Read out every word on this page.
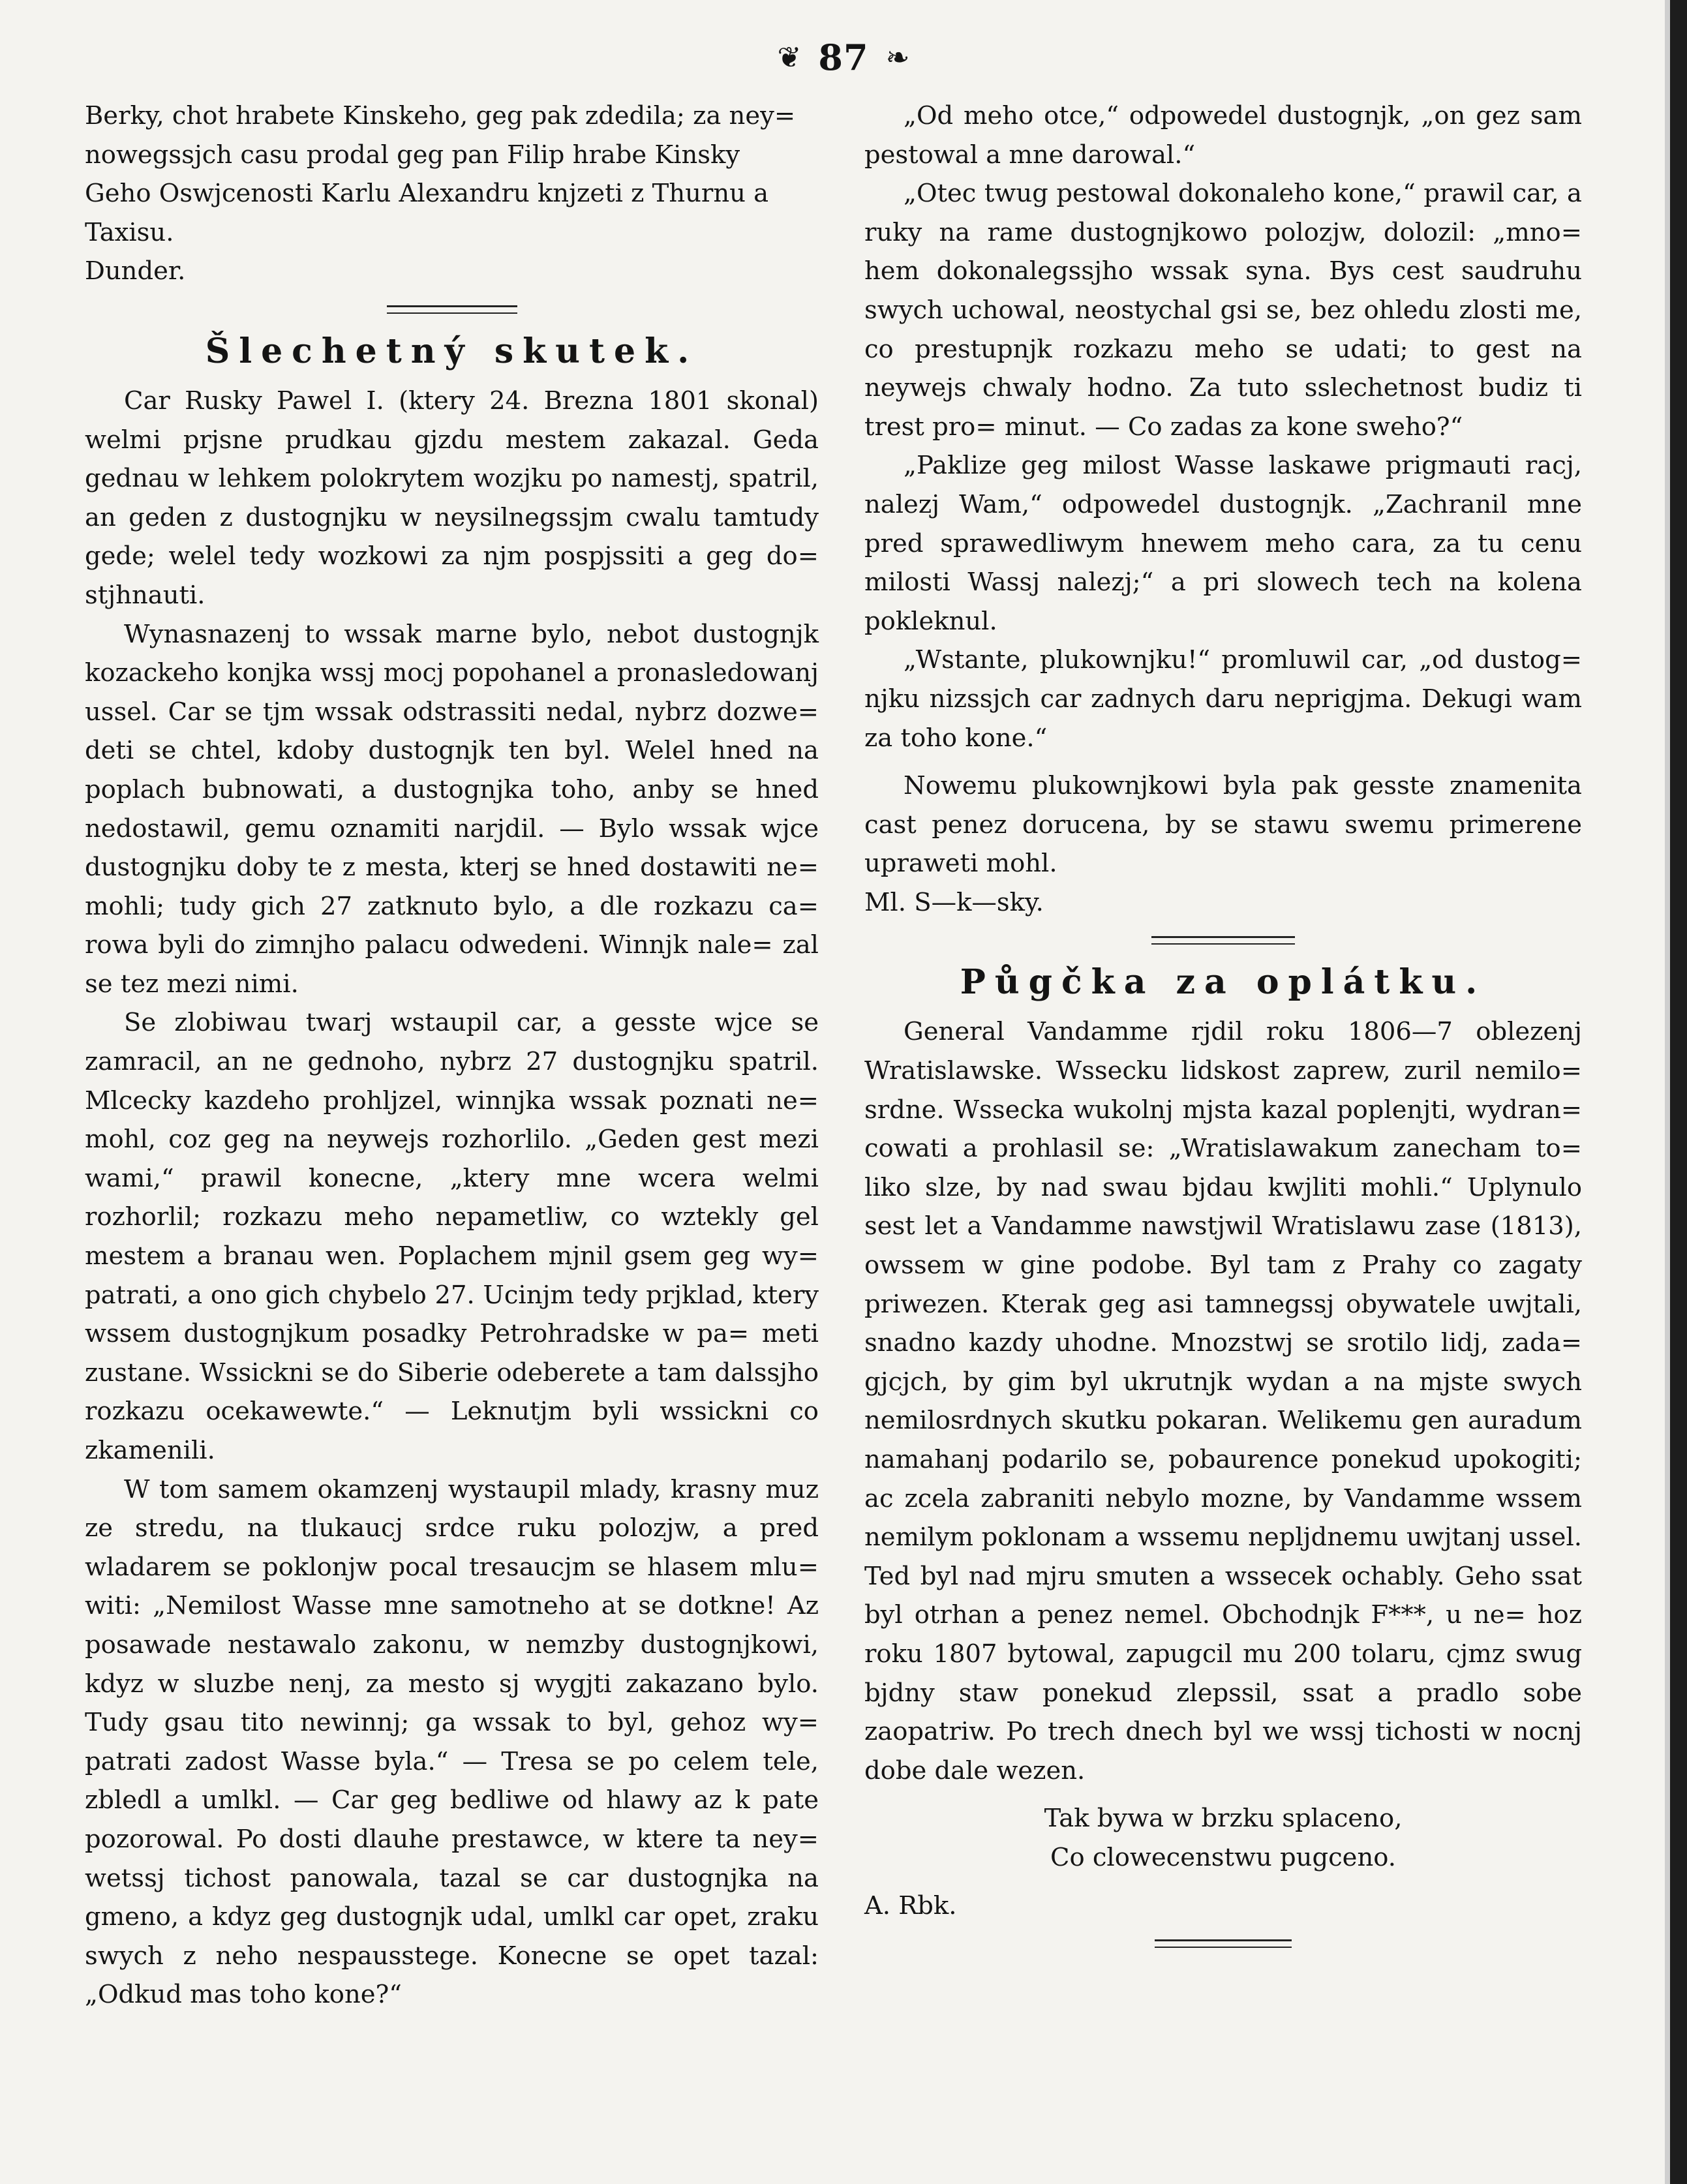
❦ 87 ❧

Berky, chot hrabete Kinskeho, geg pak zdedila; za ney=
nowegssjch casu prodal geg pan Filip hrabe Kinsky
Geho Oswjcenosti Karlu Alexandru knjzeti z Thurnu a
Taxisu.

Dunder.

Šlechetný skutek.

Car Rusky Pawel I. (ktery 24. Brezna 1801 skonal) welmi prjsne prudkau gjzdu mestem zakazal. Geda gednau w lehkem polokrytem wozjku po namestj, spatril, an geden z dustognjku w neysilnegssjm cwalu tamtudy gede; welel tedy wozkowi za njm pospjssiti a geg do= stjhnauti.

Wynasnazenj to wssak marne bylo, nebot dustognjk kozackeho konjka wssj mocj popohanel a pronasledowanj ussel. Car se tjm wssak odstrassiti nedal, nybrz dozwe= deti se chtel, kdoby dustognjk ten byl. Welel hned na poplach bubnowati, a dustognjka toho, anby se hned nedostawil, gemu oznamiti narjdil. — Bylo wssak wjce dustognjku doby te z mesta, kterj se hned dostawiti ne= mohli; tudy gich 27 zatknuto bylo, a dle rozkazu ca= rowa byli do zimnjho palacu odwedeni. Winnjk nale= zal se tez mezi nimi.

Se zlobiwau twarj wstaupil car, a gesste wjce se zamracil, an ne gednoho, nybrz 27 dustognjku spatril. Mlcecky kazdeho prohljzel, winnjka wssak poznati ne= mohl, coz geg na neywejs rozhorlilo. „Geden gest mezi wami,“ prawil konecne, „ktery mne wcera welmi rozhorlil; rozkazu meho nepametliw, co wztekly gel mestem a branau wen. Poplachem mjnil gsem geg wy= patrati, a ono gich chybelo 27. Ucinjm tedy prjklad, ktery wssem dustognjkum posadky Petrohradske w pa= meti zustane. Wssickni se do Siberie odeberete a tam dalssjho rozkazu ocekawewte.“ — Leknutjm byli wssickni co zkamenili.

W tom samem okamzenj wystaupil mlady, krasny muz ze stredu, na tlukaucj srdce ruku polozjw, a pred wladarem se poklonjw pocal tresaucjm se hlasem mlu= witi: „Nemilost Wasse mne samotneho at se dotkne! Az posawade nestawalo zakonu, w nemzby dustognjkowi, kdyz w sluzbe nenj, za mesto sj wygjti zakazano bylo. Tudy gsau tito newinnj; ga wssak to byl, gehoz wy= patrati zadost Wasse byla.“ — Tresa se po celem tele, zbledl a umlkl. — Car geg bedliwe od hlawy az k pate pozorowal. Po dosti dlauhe prestawce, w ktere ta ney= wetssj tichost panowala, tazal se car dustognjka na gmeno, a kdyz geg dustognjk udal, umlkl car opet, zraku swych z neho nespausstege. Konecne se opet tazal: „Odkud mas toho kone?“

„Od meho otce,“ odpowedel dustognjk, „on gez sam pestowal a mne darowal.“

„Otec twug pestowal dokonaleho kone,“ prawil car, a ruky na rame dustognjkowo polozjw, dolozil: „mno= hem dokonalegssjho wssak syna. Bys cest saudruhu swych uchowal, neostychal gsi se, bez ohledu zlosti me, co prestupnjk rozkazu meho se udati; to gest na neywejs chwaly hodno. Za tuto sslechetnost budiz ti trest pro= minut. — Co zadas za kone sweho?“

„Paklize geg milost Wasse laskawe prigmauti racj, nalezj Wam,“ odpowedel dustognjk. „Zachranil mne pred sprawedliwym hnewem meho cara, za tu cenu milosti Wassj nalezj;“ a pri slowech tech na kolena pokleknul.

„Wstante, plukownjku!“ promluwil car, „od dustog= njku nizssjch car zadnych daru neprigjma. Dekugi wam za toho kone.“

Nowemu plukownjkowi byla pak gesste znamenita cast penez dorucena, by se stawu swemu primerene upraweti mohl.

Ml. S—k—sky.

Půgčka za oplátku.

General Vandamme rjdil roku 1806—7 oblezenj Wratislawske. Wssecku lidskost zaprew, zuril nemilo= srdne. Wssecka wukolnj mjsta kazal poplenjti, wydran= cowati a prohlasil se: „Wratislawakum zanecham to= liko slze, by nad swau bjdau kwjliti mohli.“ Uplynulo sest let a Vandamme nawstjwil Wratislawu zase (1813), owssem w gine podobe. Byl tam z Prahy co zagaty priwezen. Kterak geg asi tamnegssj obywatele uwjtali, snadno kazdy uhodne. Mnozstwj se srotilo lidj, zada= gjcjch, by gim byl ukrutnjk wydan a na mjste swych nemilosrdnych skutku pokaran. Welikemu gen auradum namahanj podarilo se, pobaurence ponekud upokogiti; ac zcela zabraniti nebylo mozne, by Vandamme wssem nemilym poklonam a wssemu nepljdnemu uwjtanj ussel. Ted byl nad mjru smuten a wssecek ochably. Geho ssat byl otrhan a penez nemel. Obchodnjk F***, u ne= hoz roku 1807 bytowal, zapugcil mu 200 tolaru, cjmz swug bjdny staw ponekud zlepssil, ssat a pradlo sobe zaopatriw. Po trech dnech byl we wssj tichosti w nocnj dobe dale wezen.

Tak bywa w brzku splaceno,
Co clowecenstwu pugceno.

A. Rbk.
